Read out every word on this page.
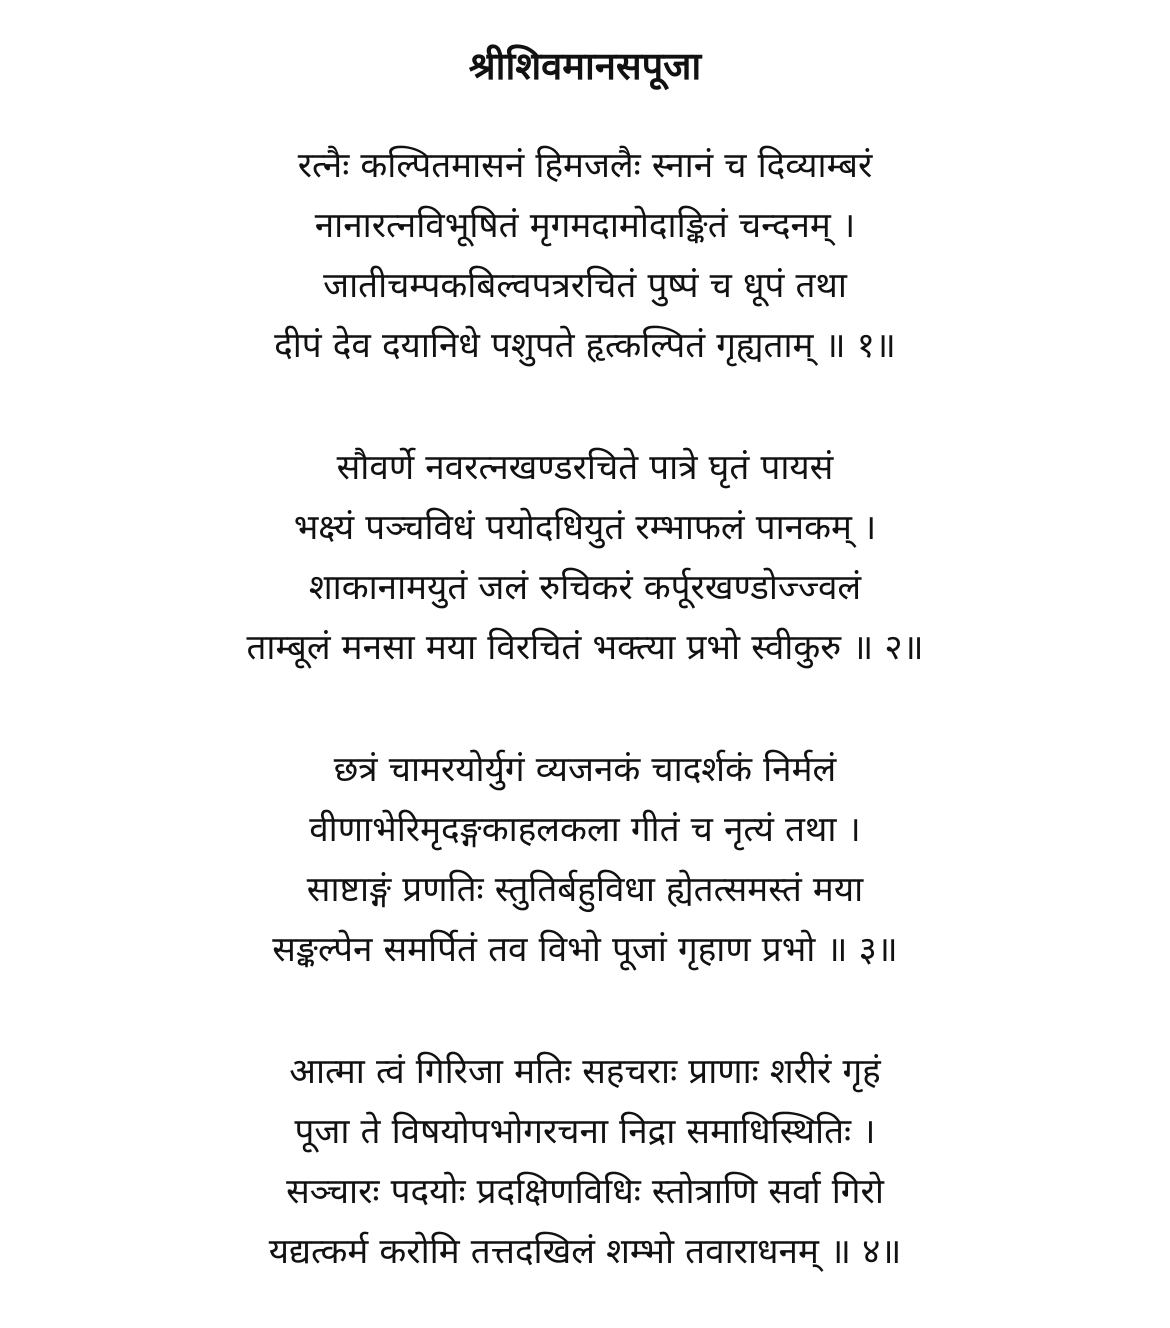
श्रीशिवमानसपूजा
रत्नैः कल्पितमासनं हिमजलैः स्नानं च दिव्याम्बरं
नानारत्नविभूषितं मृगमदामोदाङ्कितं चन्दनम् ।
जातीचम्पकबिल्वपत्ररचितं पुष्पं च धूपं तथा
दीपं देव दयानिधे पशुपते हृत्कल्पितं गृह्यताम् ॥ १॥
सौवर्णे नवरत्नखण्डरचिते पात्रे घृतं पायसं
भक्ष्यं पञ्चविधं पयोदधियुतं रम्भाफलं पानकम् ।
शाकानामयुतं जलं रुचिकरं कर्पूरखण्डोज्ज्वलं
ताम्बूलं मनसा मया विरचितं भक्त्या प्रभो स्वीकुरु ॥ २॥
छत्रं चामरयोर्युगं व्यजनकं चादर्शकं निर्मलं
वीणाभेरिमृदङ्गकाहलकला गीतं च नृत्यं तथा ।
साष्टाङ्गं प्रणतिः स्तुतिर्बहुविधा ह्येतत्समस्तं मया
सङ्कल्पेन समर्पितं तव विभो पूजां गृहाण प्रभो ॥ ३॥
आत्मा त्वं गिरिजा मतिः सहचराः प्राणाः शरीरं गृहं
पूजा ते विषयोपभोगरचना निद्रा समाधिस्थितिः ।
सञ्चारः पदयोः प्रदक्षिणविधिः स्तोत्राणि सर्वा गिरो
यद्यत्कर्म करोमि तत्तदखिलं शम्भो तवाराधनम् ॥ ४॥
